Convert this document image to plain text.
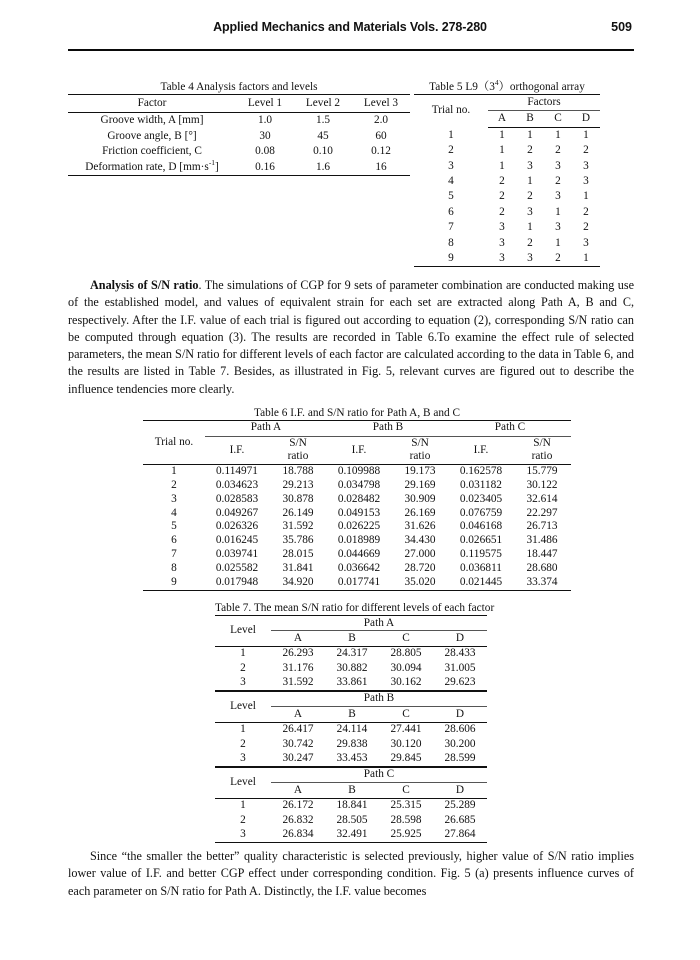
Applied Mechanics and Materials Vols. 278-280	509
Table 4 Analysis factors and levels
Factor	Level 1	Level 2	Level 3
Groove width, A [mm]	1.0	1.5	2.0
Groove angle, B [°]	30	45	60
Friction coefficient, C	0.08	0.10	0.12
Deformation rate, D $[mm\cdot s^{-1}]$	0.16	1.6	16
Table 5 $L9(3^4)orthogonal$ array
Trial no.	Factors			
	A	B	C	D
1	1	1	1	1
2	1	2	2	2
3	1	3	3	3
4	2	1	2	3
5	2	2	3	1
6	2	3	1	2
7	3	1	3	2
8	3	2	1	3
9	3	3	2	1

Analysis of S/N ratio. The simulations of CGP for 9 sets of parameter combination are conducted making use of the established model, and values of equivalent strain for each set are extracted along Path A, B and C, respectively. After the I.F. value of each trial is figured out according to equation (2), corresponding S/N ratio can be computed through equation (3). The results are recorded in Table 6.To examine the effect rule of selected parameters, the mean S/N ratio for different levels of each factor are calculated according to the data in Table 6, and the results are listed in Table 7. Besides, as illustrated in Fig. 5, relevant curves are figured out to describe the influence tendencies more clearly.

Table 6 I.F. and S/N ratio for Path A, B and C
Trial no.	Path A		Path B		Path C	
	I.F.	S/N	I.F.	S/N	I.F.	S/N
		ratio		ratio		ratio
1	0.114971	18.788	0.109988	19.173	0.162578	15.779
2	0.034623	29.213	0.034798	29.169	0.031182	30.122
3	0.028583	30.878	0.028482	30.909	0.023405	32.614
4	0.049267	26.149	0.049153	26.169	0.076759	22.297
5	0.026326	31.592	0.026225	31.626	0.046168	26.713
6	0.016245	35.786	0.018989	34.430	0.026651	31.486
7	0.039741	28.015	0.044669	27.000	0.119575	18.447
8	0.025582	31.841	0.036642	28.720	0.036811	28.680
9	0.017948	34.920	0.017741	35.020	0.021445	33.374
Table 7. The mean S/N ratio for different levels of each factor
Level	Path A			
	A	B	C	D
1	26.293	24.317	28.805	28.433
2	31.176	30.882	30.094	31.005
3	31.592	33.861	30.162	29.623
Level	Path B			
	A	B	C	D
1	26.417	24.114	27.441	28.606
2	30.742	29.838	30.120	30.200
3	30.247	33.453	29.845	28.599
Level	Path C			
	A	B	C	D
1	26.172	18.841	25.315	25.289
2	26.832	28.505	28.598	26.685
3	26.834	32.491	25.925	27.864

Since “the smaller the better” quality characteristic is selected previously, higher value of S/N ratio implies lower value of I.F. and better CGP effect under corresponding condition. Fig. 5 (a) presents influence curves of each parameter on S/N ratio for Path A. Distinctly, the I.F. value becomes
